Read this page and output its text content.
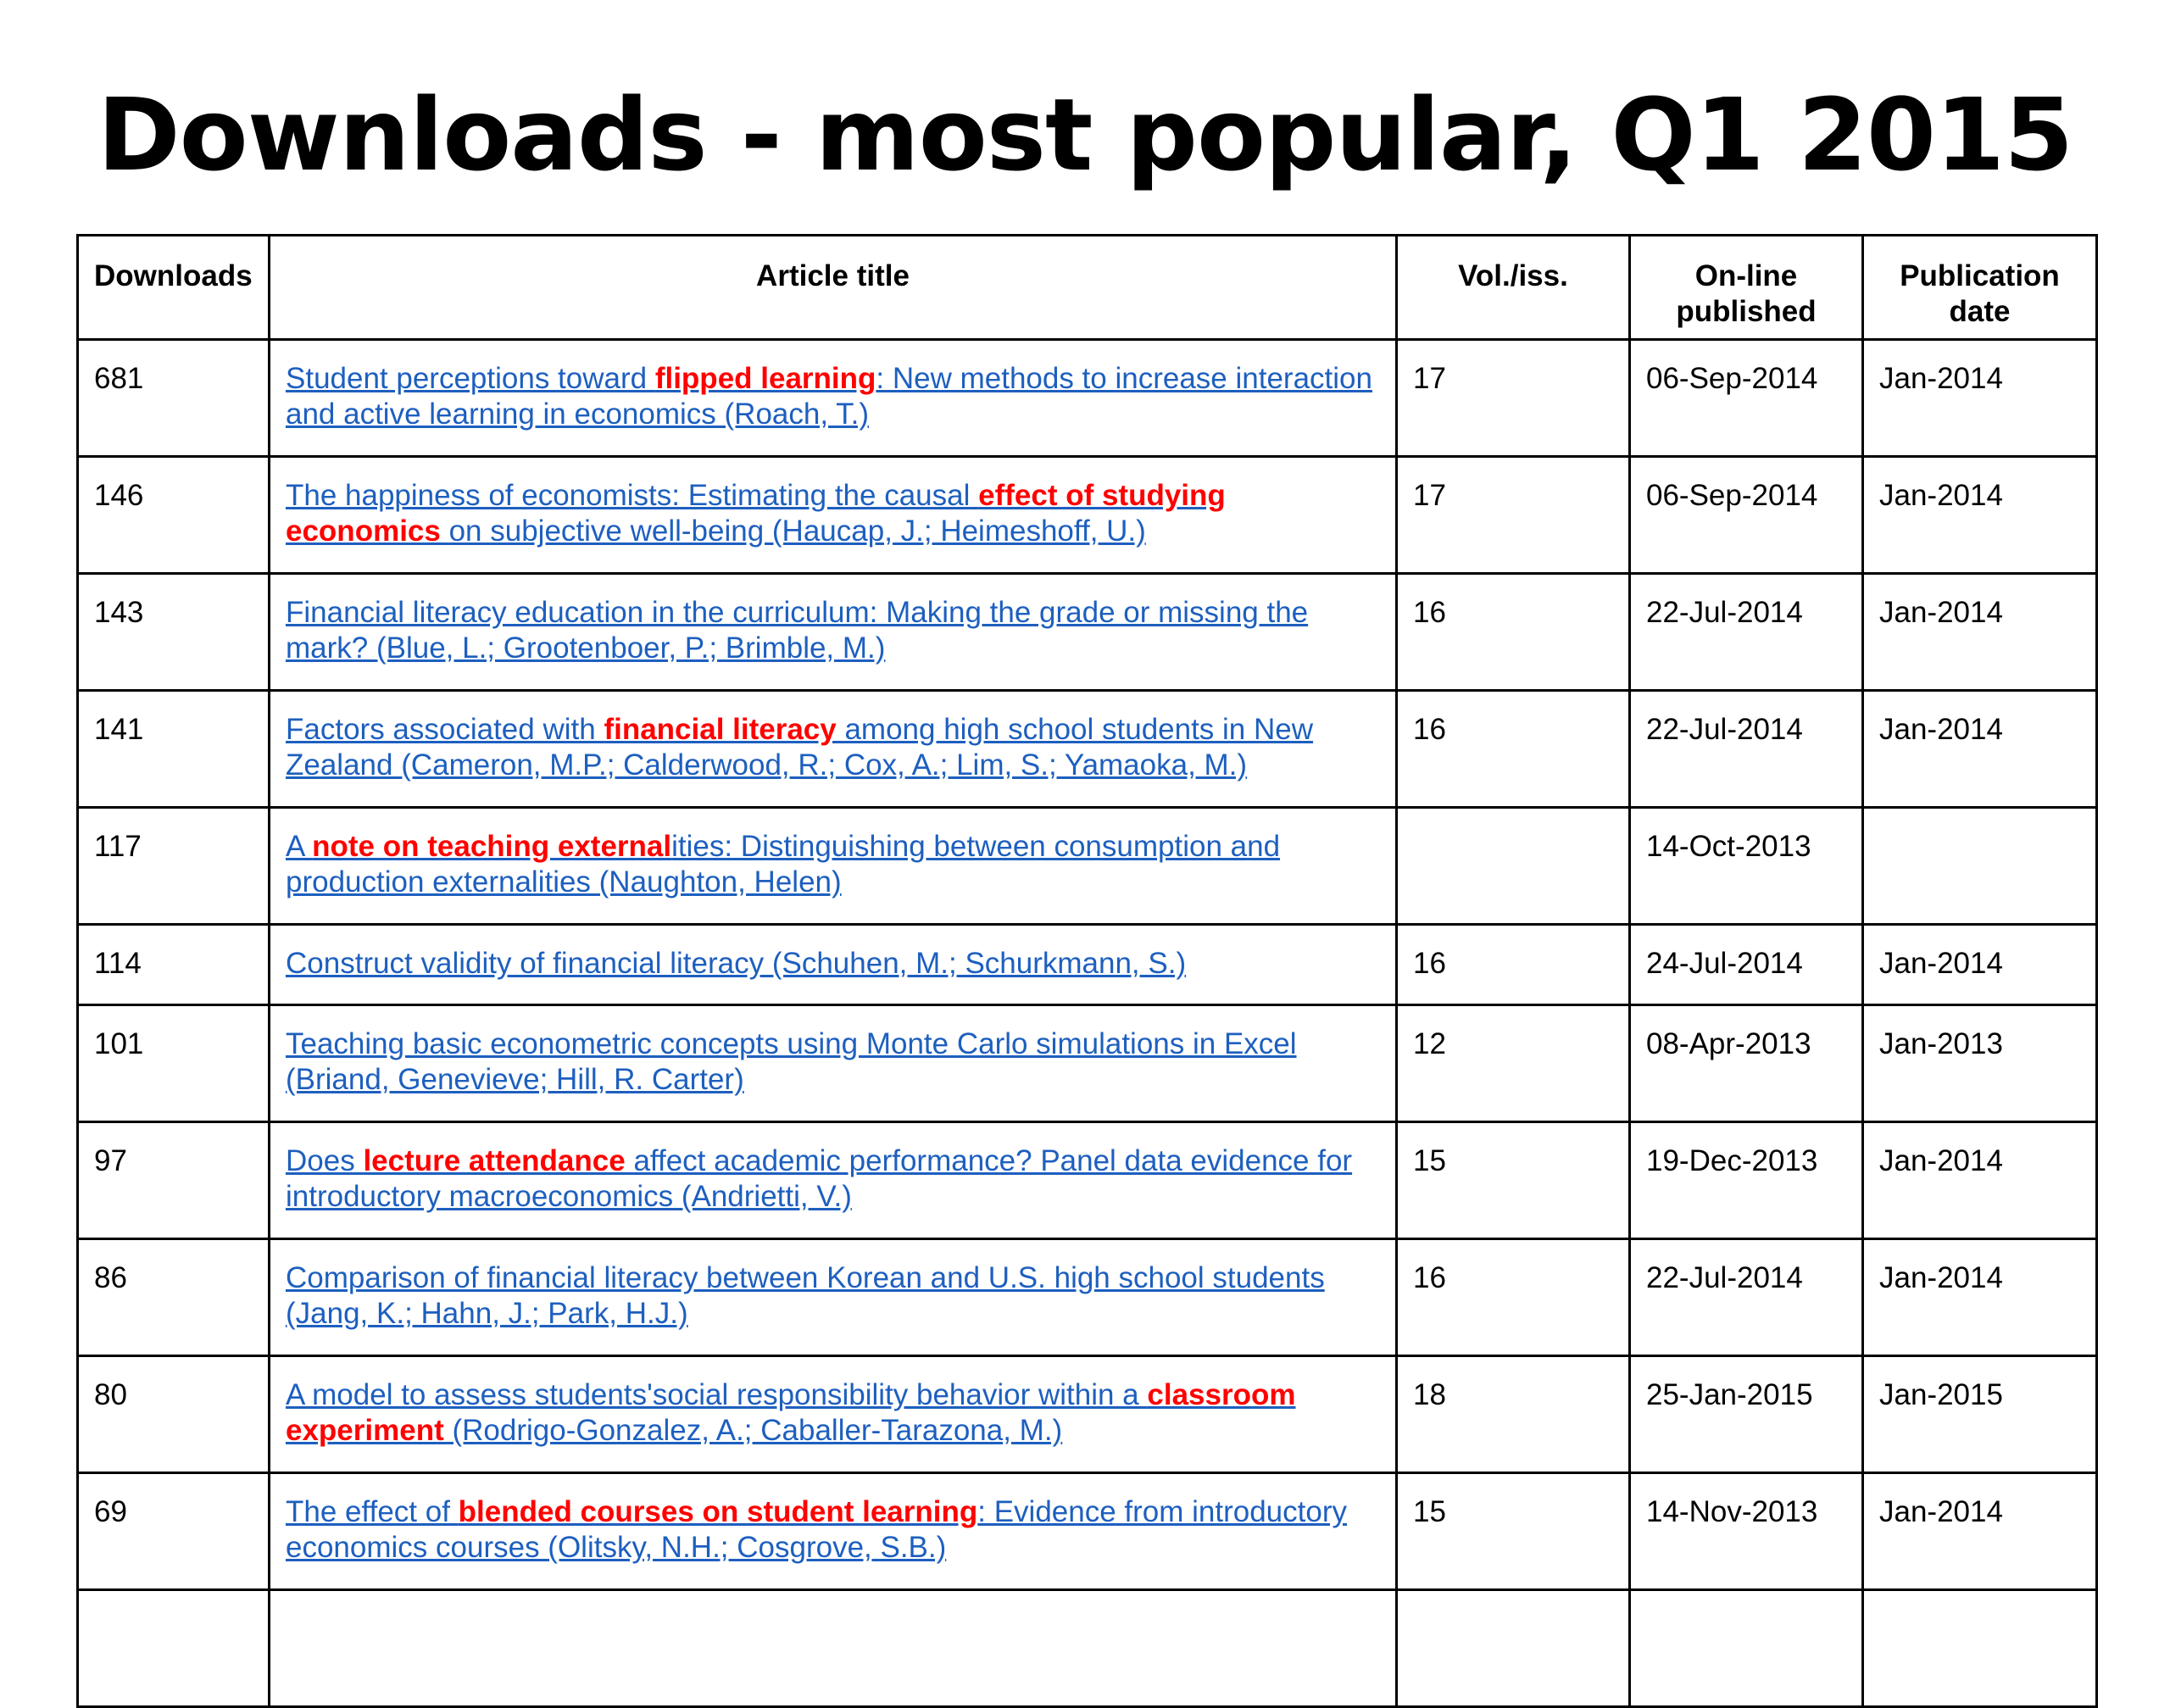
Downloads - most popular, Q1 2015
Downloads	Article title	Vol./iss.	On-line published	Publication date
681	Student perceptions toward flipped learning: New methods to increase interaction and active learning in economics (Roach, T.)	17	06-Sep-2014	Jan-2014
146	The happiness of economists: Estimating the causal effect of studying economics on subjective well-being (Haucap, J.; Heimeshoff, U.)	17	06-Sep-2014	Jan-2014
143	Financial literacy education in the curriculum: Making the grade or missing the mark? (Blue, L.; Grootenboer, P.; Brimble, M.)	16	22-Jul-2014	Jan-2014
141	Factors associated with financial literacy among high school students in New Zealand (Cameron, M.P.; Calderwood, R.; Cox, A.; Lim, S.; Yamaoka, M.)	16	22-Jul-2014	Jan-2014
117	A note on teaching externalities: Distinguishing between consumption and production externalities (Naughton, Helen)		14-Oct-2013	
114	Construct validity of financial literacy (Schuhen, M.; Schurkmann, S.)	16	24-Jul-2014	Jan-2014
101	Teaching basic econometric concepts using Monte Carlo simulations in Excel (Briand, Genevieve; Hill, R. Carter)	12	08-Apr-2013	Jan-2013
97	Does lecture attendance affect academic performance? Panel data evidence for introductory macroeconomics (Andrietti, V.)	15	19-Dec-2013	Jan-2014
86	Comparison of financial literacy between Korean and U.S. high school students (Jang, K.; Hahn, J.; Park, H.J.)	16	22-Jul-2014	Jan-2014
80	A model to assess students'social responsibility behavior within a classroom experiment (Rodrigo-Gonzalez, A.; Caballer-Tarazona, M.)	18	25-Jan-2015	Jan-2015
69	The effect of blended courses on student learning: Evidence from introductory economics courses (Olitsky, N.H.; Cosgrove, S.B.)	15	14-Nov-2013	Jan-2014
